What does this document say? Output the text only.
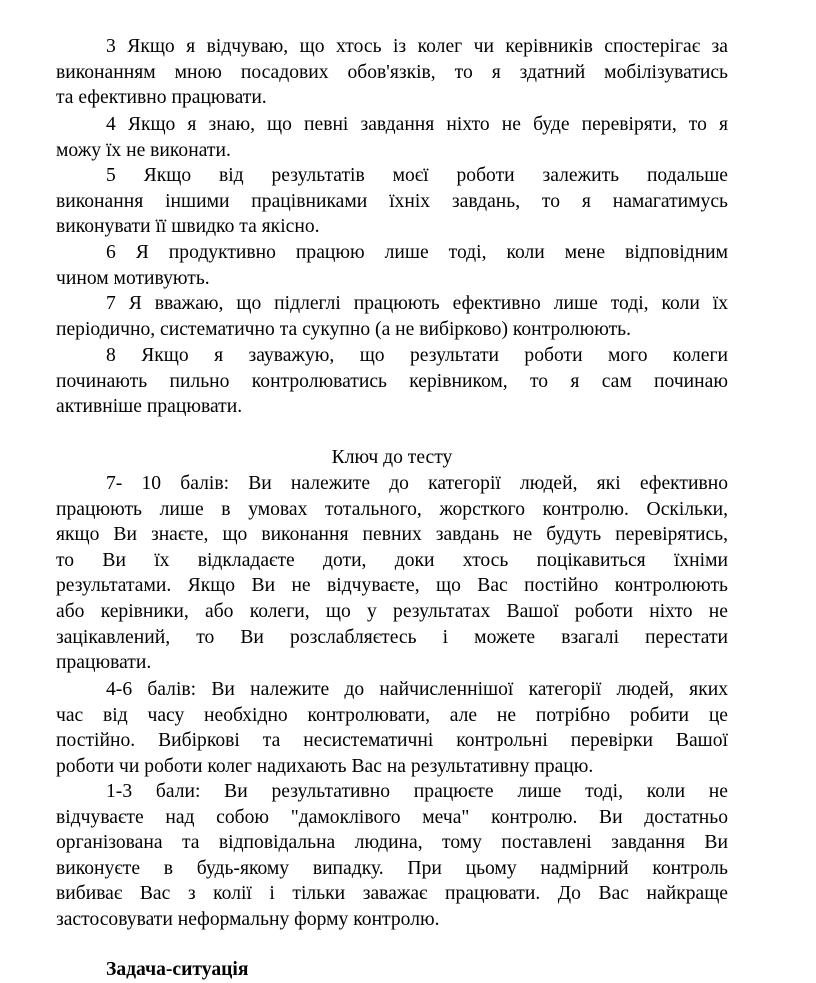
3 Якщо я відчуваю, що хтось із колег чи керівників спостерігає за
виконанням мною посадових обов'язків, то я здатний мобілізуватись
та ефективно працювати.
4 Якщо я знаю, що певні завдання ніхто не буде перевіряти, то я
можу їх не виконати.
5 Якщо від результатів моєї роботи залежить подальше
виконання іншими працівниками їхніх завдань, то я намагатимусь
виконувати її швидко та якісно.
6 Я продуктивно працюю лише тоді, коли мене відповідним
чином мотивують.
7 Я вважаю, що підлеглі працюють ефективно лише тоді, коли їх
періодично, систематично та сукупно (а не вибірково) контролюють.
8 Якщо я зауважую, що результати роботи мого колеги
починають пильно контролюватись керівником, то я сам починаю
активніше працювати.
Ключ до тесту
7- 10 балів: Ви належите до категорії людей, які ефективно
працюють лише в умовах тотального, жорсткого контролю. Оскільки,
якщо Ви знаєте, що виконання певних завдань не будуть перевірятись,
то Ви їх відкладаєте доти, доки хтось поцікавиться їхніми
результатами. Якщо Ви не відчуваєте, що Вас постійно контролюють
або керівники, або колеги, що у результатах Вашої роботи ніхто не
зацікавлений, то Ви розслабляєтесь і можете взагалі перестати
працювати.
4-6 балів: Ви належите до найчисленнішої категорії людей, яких
час від часу необхідно контролювати, але не потрібно робити це
постійно. Вибіркові та несистематичні контрольні перевірки Вашої
роботи чи роботи колег надихають Вас на результативну працю.
1-3 бали: Ви результативно працюєте лише тоді, коли не
відчуваєте над собою "дамоклівого меча" контролю. Ви достатньо
організована та відповідальна людина, тому поставлені завдання Ви
виконуєте в будь-якому випадку. При цьому надмірний контроль
вибиває Вас з колії і тільки заважає працювати. До Вас найкраще
застосовувати неформальну форму контролю.
Задача-ситуація
